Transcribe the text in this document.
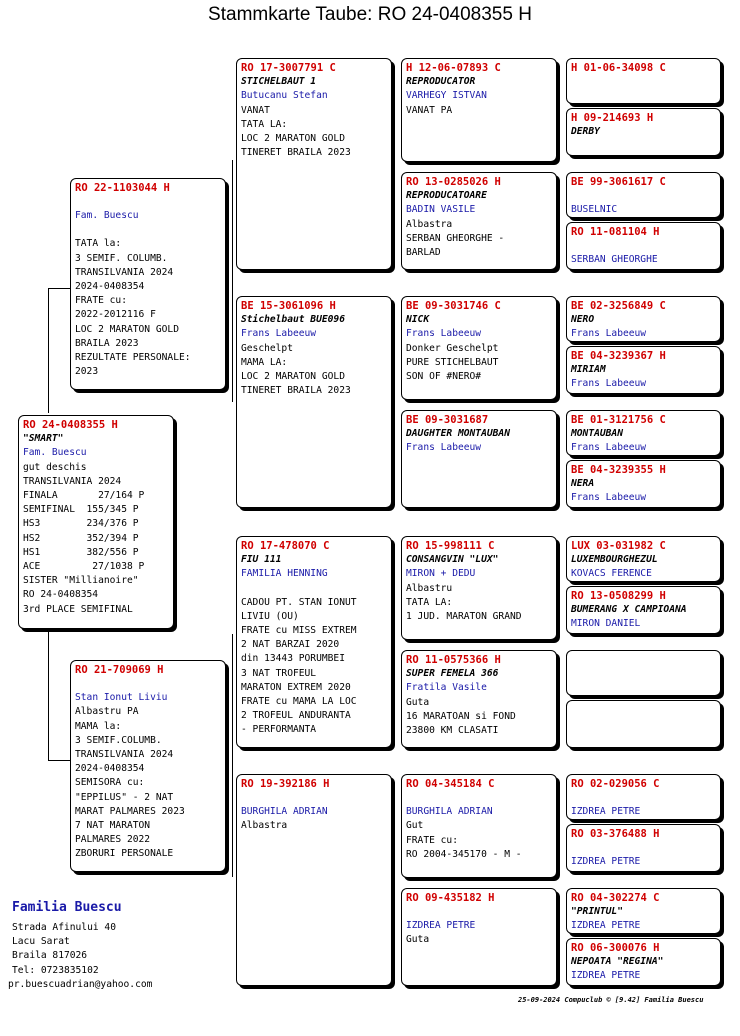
Stammkarte Taube: RO 24-0408355 H
RO 24-0408355 H
"SMART"
Fam. Buescu
gut deschis
TRANSILVANIA 2024
FINALA       27/164 P
SEMIFINAL  155/345 P
HS3        234/376 P
HS2        352/394 P
HS1        382/556 P
ACE         27/1038 P
SISTER "Millianoire"
RO 24-0408354
3rd PLACE SEMIFINAL
RO 22-1103044 H
Fam. Buescu
TATA la:
3 SEMIF. COLUMB.
TRANSILVANIA 2024
2024-0408354
FRATE cu:
2022-2012116 F
LOC 2 MARATON GOLD
BRAILA 2023
REZULTATE PERSONALE:
2023
RO 21-709069 H
Stan Ionut Liviu
Albastru PA
MAMA la:
3 SEMIF.COLUMB.
TRANSILVANIA 2024
2024-0408354
SEMISORA cu:
"EPPILUS" - 2 NAT
MARAT PALMARES 2023
7 NAT MARATON
PALMARES 2022
ZBORURI PERSONALE
RO 17-3007791 C
STICHELBAUT 1
Butucanu Stefan
VANAT
TATA LA:
LOC 2 MARATON GOLD
TINERET BRAILA 2023
BE 15-3061096 H
Stichelbaut BUE096
Frans Labeeuw
Geschelpt
MAMA LA:
LOC 2 MARATON GOLD
TINERET BRAILA 2023
RO 17-478070 C
FIU 111
FAMILIA HENNING
CADOU PT. STAN IONUT
LIVIU (OU)
FRATE cu MISS EXTREM
2 NAT BARZAI 2020
din 13443 PORUMBEI
3 NAT TROFEUL
MARATON EXTREM 2020
FRATE cu MAMA LA LOC
2 TROFEUL ANDURANTA
- PERFORMANTA
RO 19-392186 H
BURGHILA ADRIAN
Albastra
H 12-06-07893 C
REPRODUCATOR
VARHEGY ISTVAN
VANAT PA
RO 13-0285026 H
REPRODUCATOARE
BADIN VASILE
Albastra
SERBAN GHEORGHE -
BARLAD
BE 09-3031746 C
NICK
Frans Labeeuw
Donker Geschelpt
PURE STICHELBAUT
SON OF #NERO#
BE 09-3031687
DAUGHTER MONTAUBAN
Frans Labeeuw
RO 15-998111 C
CONSANGVIN "LUX"
MIRON + DEDU
Albastru
TATA LA:
1 JUD. MARATON GRAND
RO 11-0575366 H
SUPER FEMELA 366
Fratila Vasile
Guta
16 MARATOAN si FOND
23800 KM CLASATI
RO 04-345184 C
BURGHILA ADRIAN
Gut
FRATE cu:
RO 2004-345170 - M -
RO 09-435182 H
IZDREA PETRE
Guta
H 01-06-34098 C
H 09-214693 H
DERBY
BE 99-3061617 C
BUSELNIC
RO 11-081104 H
SERBAN GHEORGHE
BE 02-3256849 C
NERO
Frans Labeeuw
BE 04-3239367 H
MIRIAM
Frans Labeeuw
BE 01-3121756 C
MONTAUBAN
Frans Labeeuw
BE 04-3239355 H
NERA
Frans Labeeuw
LUX 03-031982 C
LUXEMBOURGHEZUL
KOVACS FERENCE
RO 13-0508299 H
BUMERANG X CAMPIOANA
MIRON DANIEL
RO 02-029056 C
IZDREA PETRE
RO 03-376488 H
IZDREA PETRE
RO 04-302274 C
"PRINTUL"
IZDREA PETRE
RO 06-300076 H
NEPOATA "REGINA"
IZDREA PETRE
Familia Buescu
Strada Afinului 40
Lacu Sarat
Braila 817026
Tel: 0723835102
pr.buescuadrian@yahoo.com
25-09-2024 Compuclub © [9.42] Familia Buescu
